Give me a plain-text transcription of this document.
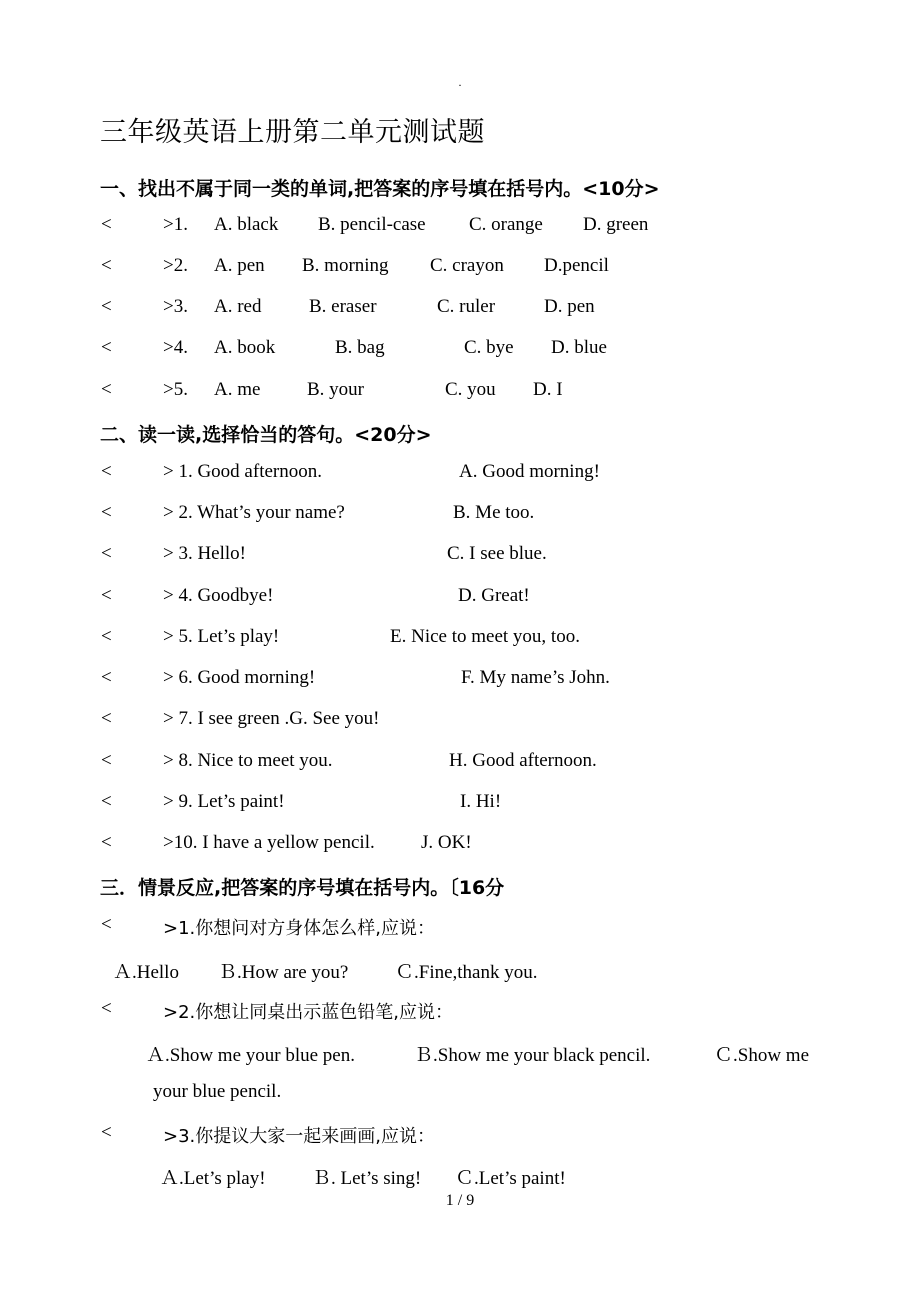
·
三年级英语上册第二单元测试题
一、找出不属于同一类的单词,把答案的序号填在括号内。<10分>
<	>1. A. black B. pencil-case C. orange D. green
<	>2. A. pen B. morning C. crayon D.pencil
<	>3. A. red	B. eraser	C. ruler	D. pen
<	>4. A. book	B. bag	C. bye D. blue
<	>5. A. me B. your	C. you D. I
二、读一读,选择恰当的答句。<20分>
<	> 1. Good afternoon.	A. Good morning!
<	> 2. What’s your name?	B. Me too.
<	> 3. Hello!	C. I see blue.
<	> 4. Goodbye!	D. Great!
<	> 5. Let’s play!	E. Nice to meet you, too.
<	> 6. Good morning!	F. My name’s John.
<	> 7. I see green .G. See you!
<	> 8. Nice to meet you.	H. Good afternoon.
<	> 9. Let’s paint!	I. Hi!
<	>10. I have a yellow pencil. J. OK!
三．情景反应,把答案的序号填在括号内。〔16分
<	>1.你想问对方身体怎么样,应说：
Ａ.Hello Ｂ.How are you? Ｃ.Fine,thank you.
<	>2.你想让同桌出示蓝色铅笔,应说：
Ａ.Show me your blue pen.	Ｂ.Show me your black pencil.	Ｃ.Show me
your blue pencil.
<	>3.你提议大家一起来画画,应说：
Ａ.Let’s play! Ｂ. Let’s sing! Ｃ.Let’s paint!
1 / 9
